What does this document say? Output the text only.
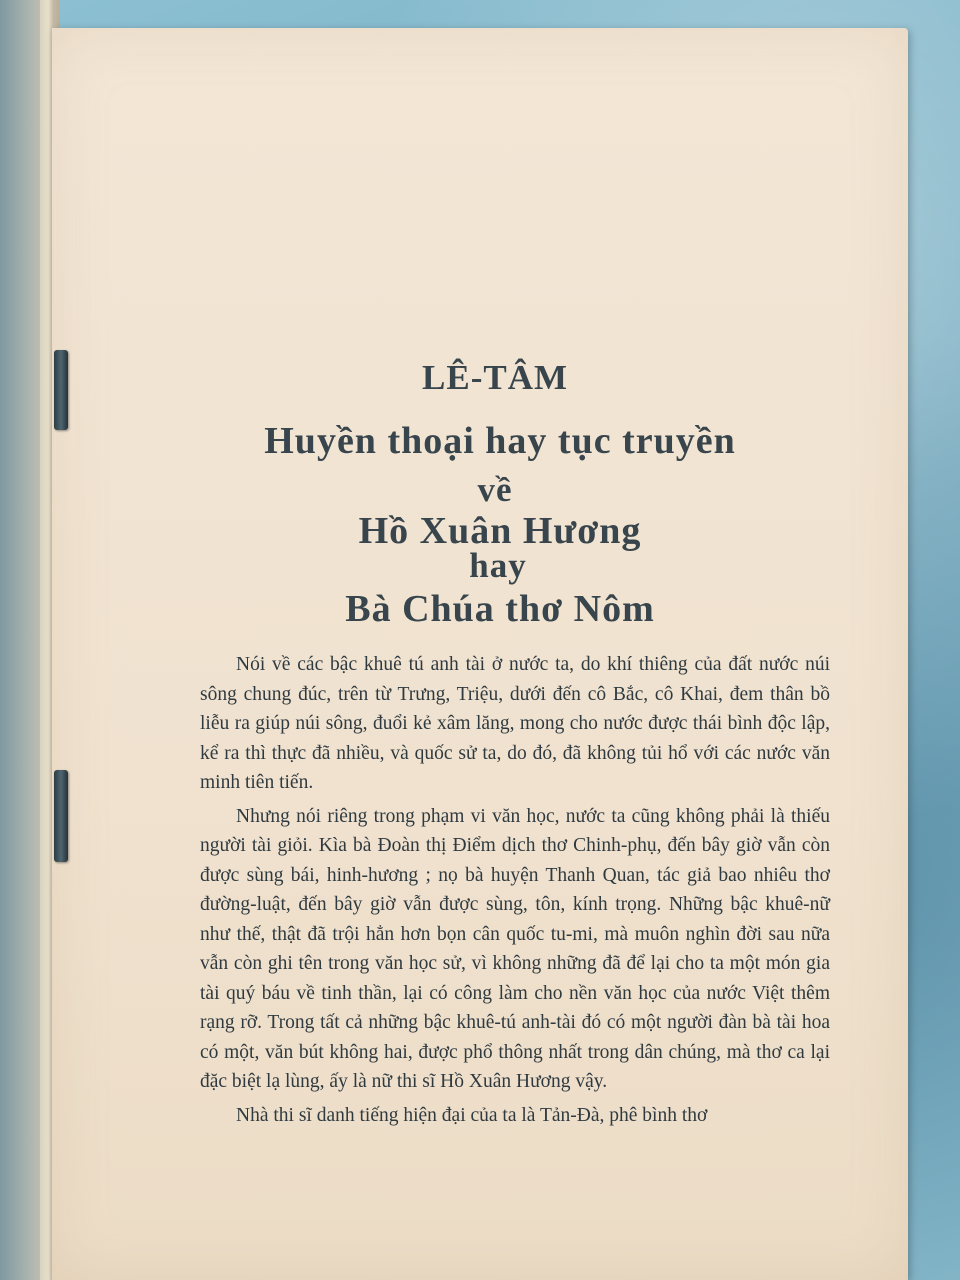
LÊ-TÂM
Huyền thoại hay tục truyền
về
Hồ Xuân Hương
hay
Bà Chúa thơ Nôm

Nói về các bậc khuê tú anh tài ở nước ta, do khí thiêng của đất nước núi sông chung đúc, trên từ Trưng, Triệu, dưới đến cô Bắc, cô Khai, đem thân bồ liễu ra giúp núi sông, đuổi kẻ xâm lăng, mong cho nước được thái bình độc lập, kể ra thì thực đã nhiều, và quốc sử ta, do đó, đã không tủi hổ với các nước văn minh tiên tiến.

Nhưng nói riêng trong phạm vi văn học, nước ta cũng không phải là thiếu người tài giỏi. Kìa bà Đoàn thị Điểm dịch thơ Chinh-phụ, đến bây giờ vẫn còn được sùng bái, hinh-hương ; nọ bà huyện Thanh Quan, tác giả bao nhiêu thơ đường-luật, đến bây giờ vẫn được sùng, tôn, kính trọng. Những bậc khuê-nữ như thế, thật đã trội hẳn hơn bọn cân quốc tu-mi, mà muôn nghìn đời sau nữa vẫn còn ghi tên trong văn học sử, vì không những đã để lại cho ta một món gia tài quý báu về tinh thần, lại có công làm cho nền văn học của nước Việt thêm rạng rỡ. Trong tất cả những bậc khuê-tú anh-tài đó có một người đàn bà tài hoa có một, văn bút không hai, được phổ thông nhất trong dân chúng, mà thơ ca lại đặc biệt lạ lùng, ấy là nữ thi sĩ Hồ Xuân Hương vậy.

Nhà thi sĩ danh tiếng hiện đại của ta là Tản-Đà, phê bình thơ
